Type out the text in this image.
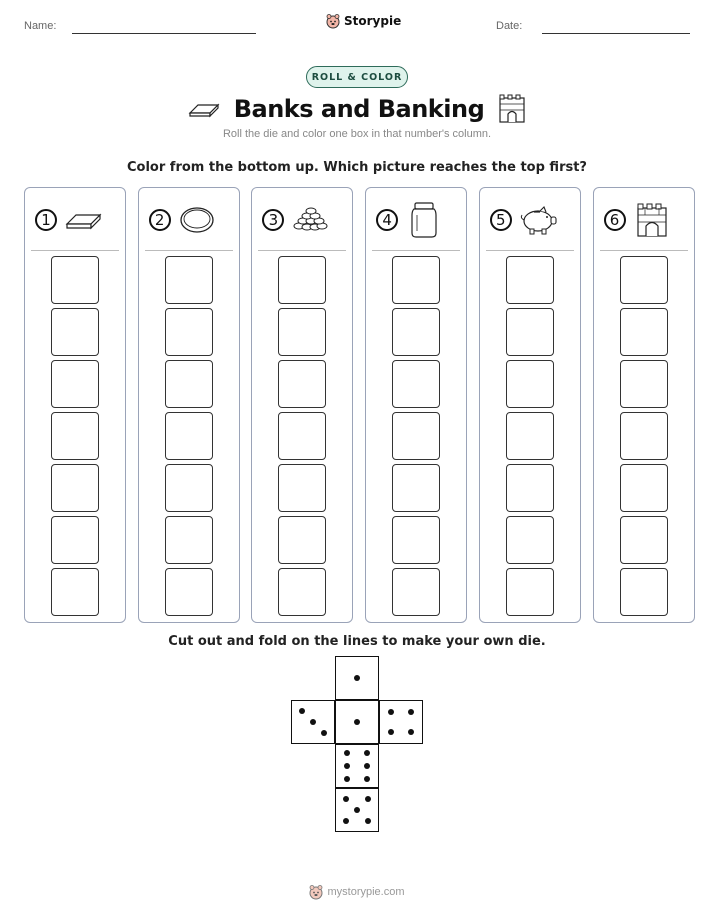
Name:	Storypie	Date:
ROLL & COLOR
Banks and Banking
Roll the die and color one box in that number's column.
Color from the bottom up. Which picture reaches the top first?
1	2	3	4	5	6
Cut out and fold on the lines to make your own die.
mystorypie.com
